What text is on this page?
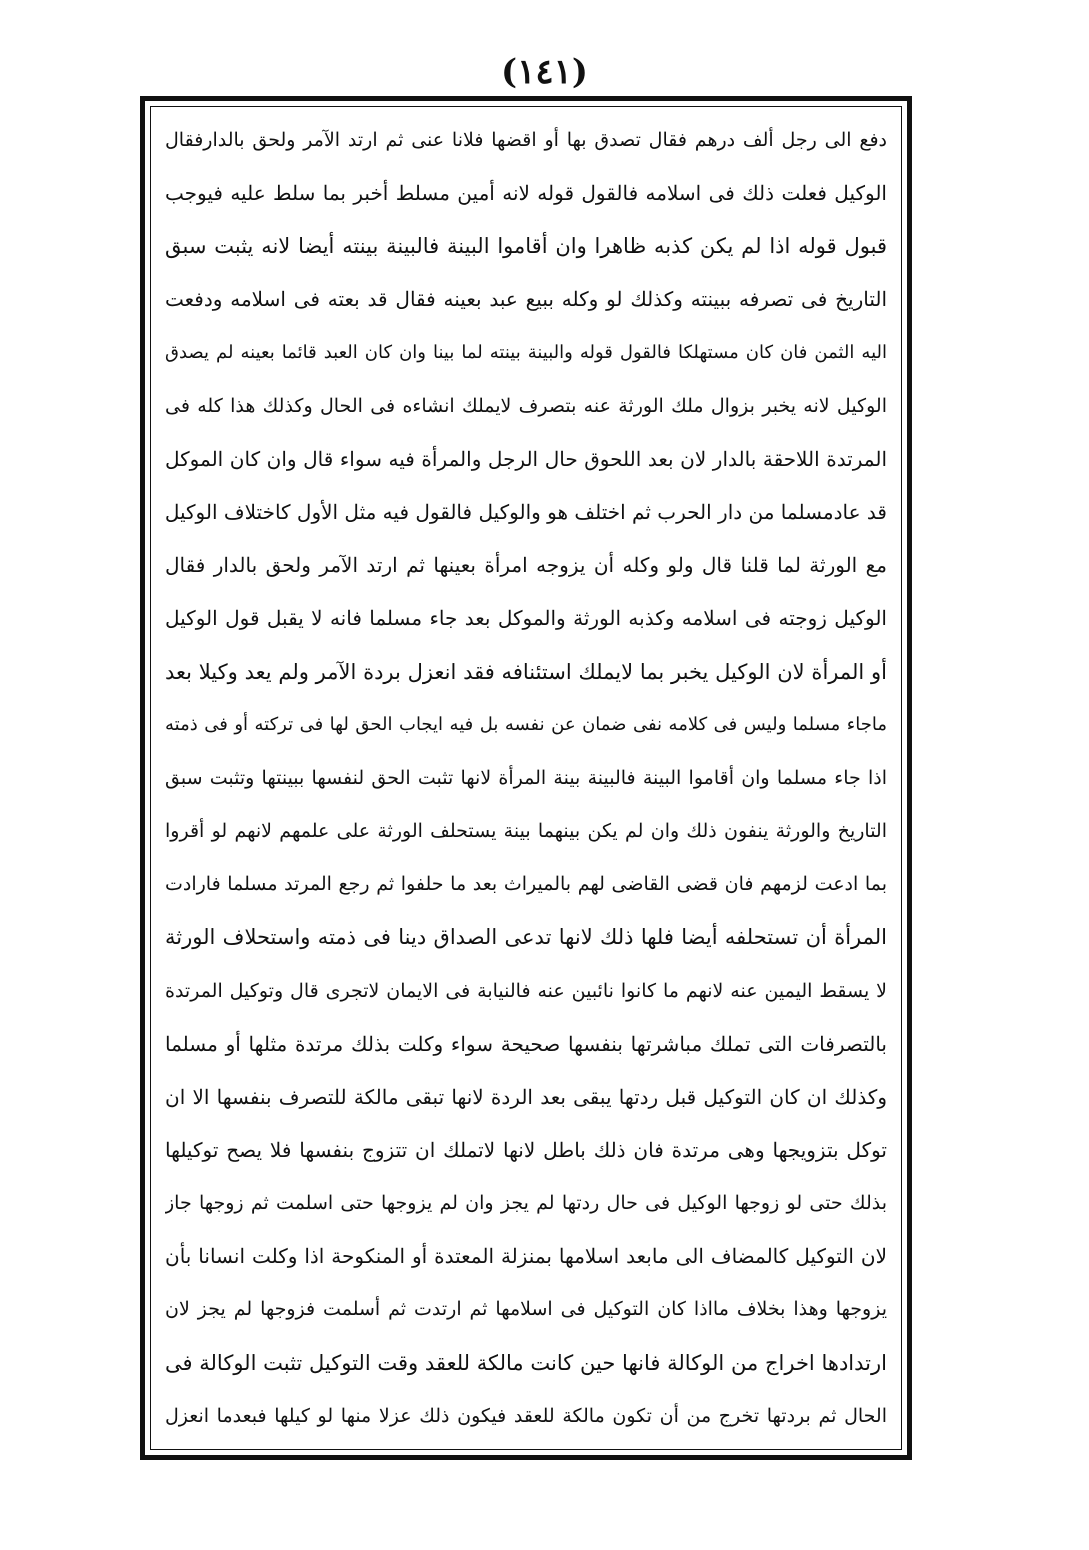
(١٤١)
دفع الى رجل ألف درهم فقال تصدق بها أو اقضها فلانا عنى ثم ارتد الآمر ولحق بالدارفقال
الوكيل فعلت ذلك فى اسلامه فالقول قوله لانه أمين مسلط أخبر بما سلط عليه فيوجب
قبول قوله اذا لم يكن كذبه ظاهرا وان أقاموا البينة فالبينة بينته أيضا لانه يثبت سبق
التاريخ فى تصرفه ببينته وكذلك لو وكله ببيع عبد بعينه فقال قد بعته فى اسلامه ودفعت
اليه الثمن فان كان مستهلكا فالقول قوله والبينة بينته لما بينا وان كان العبد قائما بعينه لم يصدق
الوكيل لانه يخبر بزوال ملك الورثة عنه بتصرف لايملك انشاءه فى الحال وكذلك هذا كله فى
المرتدة اللاحقة بالدار لان بعد اللحوق حال الرجل والمرأة فيه سواء قال وان كان الموكل
قد عادمسلما من دار الحرب ثم اختلف هو والوكيل فالقول فيه مثل الأول كاختلاف الوكيل
مع الورثة لما قلنا قال ولو وكله أن يزوجه امرأة بعينها ثم ارتد الآمر ولحق بالدار فقال
الوكيل زوجته فى اسلامه وكذبه الورثة والموكل بعد جاء مسلما فانه لا يقبل قول الوكيل
أو المرأة لان الوكيل يخبر بما لايملك استئنافه فقد انعزل بردة الآمر ولم يعد وكيلا بعد
ماجاء مسلما وليس فى كلامه نفى ضمان عن نفسه بل فيه ايجاب الحق لها فى تركته أو فى ذمته
اذا جاء مسلما وان أقاموا البينة فالبينة بينة المرأة لانها تثبت الحق لنفسها ببينتها وتثبت سبق
التاريخ والورثة ينفون ذلك وان لم يكن بينهما بينة يستحلف الورثة على علمهم لانهم لو أقروا
بما ادعت لزمهم فان قضى القاضى لهم بالميراث بعد ما حلفوا ثم رجع المرتد مسلما فارادت
المرأة أن تستحلفه أيضا فلها ذلك لانها تدعى الصداق دينا فى ذمته واستحلاف الورثة
لا يسقط اليمين عنه لانهم ما كانوا نائبين عنه فالنيابة فى الايمان لاتجرى قال وتوكيل المرتدة
بالتصرفات التى تملك مباشرتها بنفسها صحيحة سواء وكلت بذلك مرتدة مثلها أو مسلما
وكذلك ان كان التوكيل قبل ردتها يبقى بعد الردة لانها تبقى مالكة للتصرف بنفسها الا ان
توكل بتزويجها وهى مرتدة فان ذلك باطل لانها لاتملك ان تتزوج بنفسها فلا يصح توكيلها
بذلك حتى لو زوجها الوكيل فى حال ردتها لم يجز وان لم يزوجها حتى اسلمت ثم زوجها جاز
لان التوكيل كالمضاف الى مابعد اسلامها بمنزلة المعتدة أو المنكوحة اذا وكلت انسانا بأن
يزوجها وهذا بخلاف مااذا كان التوكيل فى اسلامها ثم ارتدت ثم أسلمت فزوجها لم يجز لان
ارتدادها اخراج من الوكالة فانها حين كانت مالكة للعقد وقت التوكيل تثبت الوكالة فى
الحال ثم بردتها تخرج من أن تكون مالكة للعقد فيكون ذلك عزلا منها لو كيلها فبعدما انعزل
